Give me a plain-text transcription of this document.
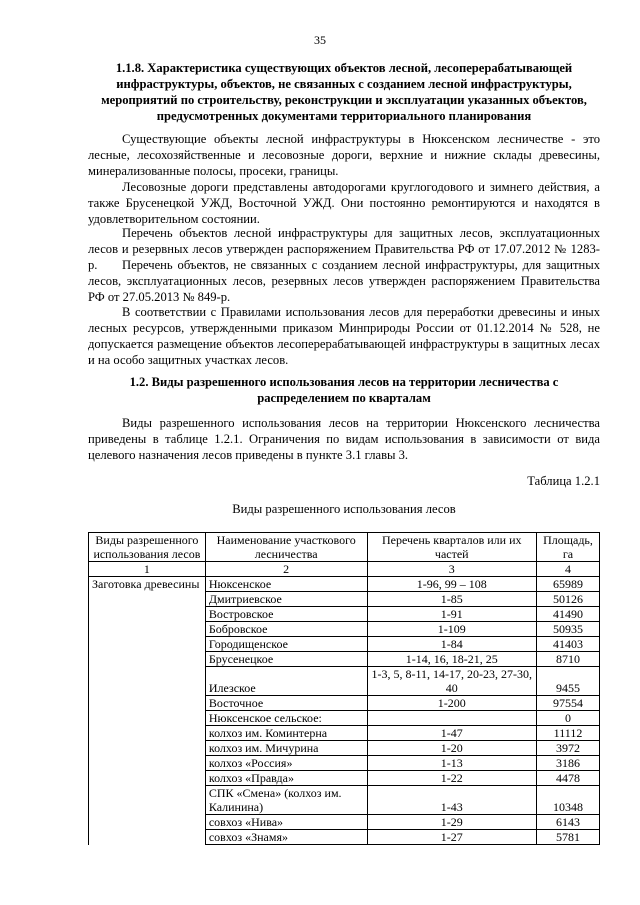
35
1.1.8. Характеристика существующих объектов лесной, лесоперерабатывающей
инфраструктуры, объектов, не связанных с созданием лесной инфраструктуры,
мероприятий по строительству, реконструкции и эксплуатации указанных объектов,
предусмотренных документами территориального планирования

Существующие объекты лесной инфраструктуры в Нюксенском лесничестве - это лесные, лесохозяйственные и лесовозные дороги, верхние и нижние склады древесины, минерализованные полосы, просеки, границы.

Лесовозные дороги представлены автодорогами круглогодового и зимнего действия, а также Брусенецкой УЖД, Восточной УЖД. Они постоянно ремонтируются и находятся в удовлетворительном состоянии.

Перечень объектов лесной инфраструктуры для защитных лесов, эксплуатационных лесов и резервных лесов утвержден распоряжением Правительства РФ от 17.07.2012 № 1283-р.	Перечень объектов, не связанных с созданием лесной инфраструктуры, для защитных лесов, эксплуатационных лесов, резервных лесов утвержден распоряжением Правительства РФ от 27.05.2013 № 849-р.

В соответствии с Правилами использования лесов для переработки древесины и иных лесных ресурсов, утвержденными приказом Минприроды России от 01.12.2014 № 528, не допускается размещение объектов лесоперерабатывающей инфраструктуры в защитных лесах и на особо защитных участках лесов.

1.2. Виды разрешенного использования лесов на территории лесничества с
распределением по кварталам

Виды разрешенного использования лесов на территории Нюксенского лесничества приведены в таблице 1.2.1. Ограничения по видам использования в зависимости от вида целевого назначения лесов приведены в пункте 3.1 главы 3.

Таблица 1.2.1
Виды разрешенного использования лесов
Виды разрешенного использования лесов	Наименование участкового лесничества	Перечень кварталов или их частей	Площадь, га
1	2	3	4
Заготовка древесины	Нюксенское	1-96, 99 – 108	65989
	Дмитриевское	1-85	50126
	Востровское	1-91	41490
	Бобровское	1-109	50935
	Городищенское	1-84	41403
	Брусенецкое	1-14, 16, 18-21, 25	8710
	Илезское	1-3, 5, 8-11, 14-17, 20-23, 27-30, 40	9455
	Восточное	1-200	97554
	Нюксенское сельское:		0
	колхоз им. Коминтерна	1-47	11112
	колхоз им. Мичурина	1-20	3972
	колхоз «Россия»	1-13	3186
	колхоз «Правда»	1-22	4478
	СПК «Смена» (колхоз им. Калинина)	1-43	10348
	совхоз «Нива»	1-29	6143
	совхоз «Знамя»	1-27	5781
